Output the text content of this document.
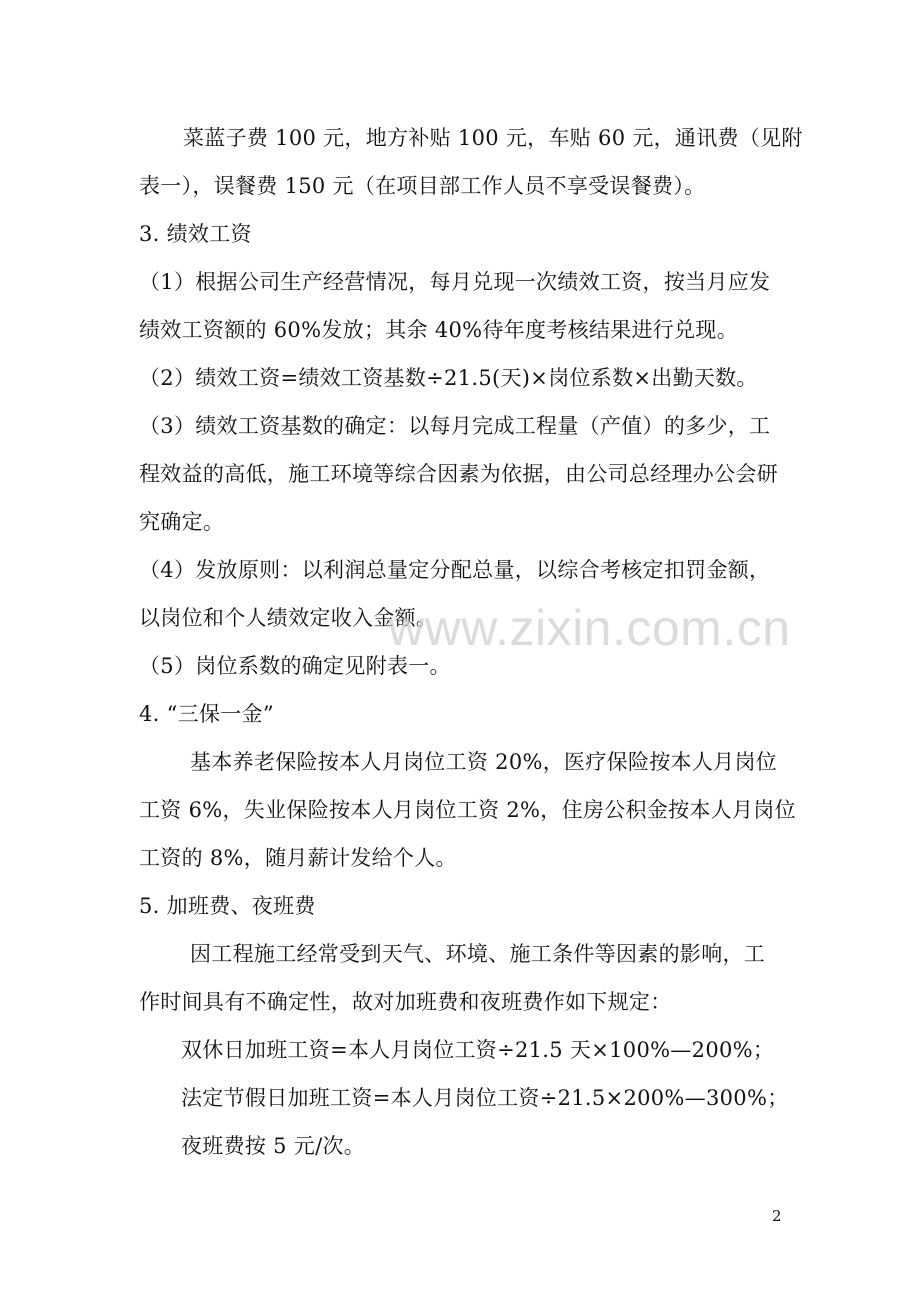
菜蓝子费 100 元，地方补贴 100 元，车贴 60 元，通讯费（见附
表一），误餐费 150 元（在项目部工作人员不享受误餐费）。
3. 绩效工资
（1）根据公司生产经营情况，每月兑现一次绩效工资，按当月应发
绩效工资额的 60%发放；其余 40%待年度考核结果进行兑现。
（2）绩效工资=绩效工资基数÷21.5(天)×岗位系数×出勤天数。
（3）绩效工资基数的确定：以每月完成工程量（产值）的多少，工
程效益的高低，施工环境等综合因素为依据，由公司总经理办公会研
究确定。
（4）发放原则：以利润总量定分配总量，以综合考核定扣罚金额，
以岗位和个人绩效定收入金额。
（5）岗位系数的确定见附表一。
4. “三保一金”
基本养老保险按本人月岗位工资 20%，医疗保险按本人月岗位
工资 6%，失业保险按本人月岗位工资 2%，住房公积金按本人月岗位
工资的 8%，随月薪计发给个人。
5. 加班费、夜班费
因工程施工经常受到天气、环境、施工条件等因素的影响，工
作时间具有不确定性，故对加班费和夜班费作如下规定：
双休日加班工资=本人月岗位工资÷21.5 天×100%—200%；
法定节假日加班工资=本人月岗位工资÷21.5×200%—300%；
夜班费按 5 元/次。
www.zixin.com.cn
2
